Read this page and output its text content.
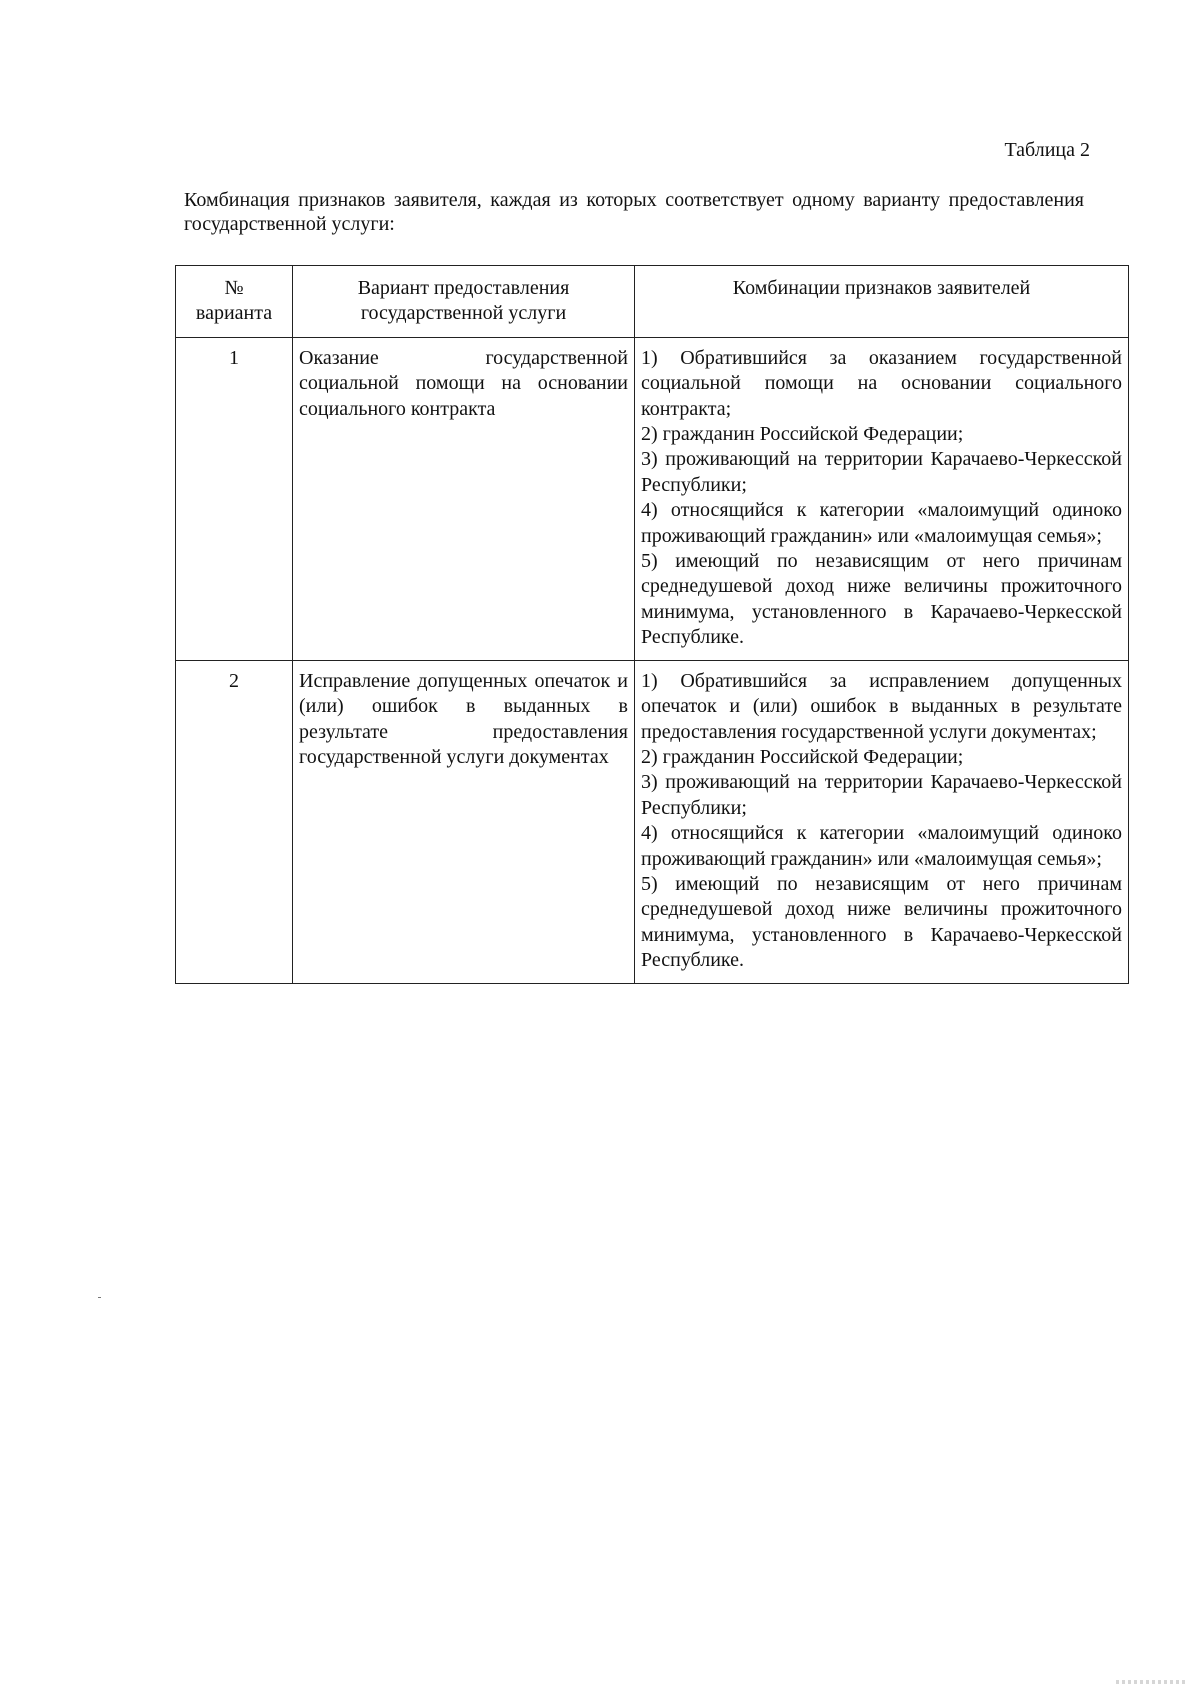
Таблица 2
Комбинация признаков заявителя, каждая из которых соответствует одному варианту предоставления государственной услуги:
№ варианта	Вариант предоставления государственной услуги	Комбинации признаков заявителей
1	Оказание государственной социальной помощи на основании социального контракта	1) Обратившийся за оказанием государственной социальной помощи на основании социального контракта;
2) гражданин Российской Федерации;
3) проживающий на территории Карачаево-Черкесской Республики;
4) относящийся к категории «малоимущий одиноко проживающий гражданин» или «малоимущая семья»;
5) имеющий по независящим от него причинам среднедушевой доход ниже величины прожиточного минимума, установленного в Карачаево-Черкесской Республике.

2	Исправление допущенных опечаток и (или) ошибок в выданных в результате предоставления государственной услуги документах	1) Обратившийся за исправлением допущенных опечаток и (или) ошибок в выданных в результате предоставления государственной услуги документах;
2) гражданин Российской Федерации;
3) проживающий на территории Карачаево-Черкесской Республики;
4) относящийся к категории «малоимущий одиноко проживающий гражданин» или «малоимущая семья»;
5) имеющий по независящим от него причинам среднедушевой доход ниже величины прожиточного минимума, установленного в Карачаево-Черкесской Республике.
